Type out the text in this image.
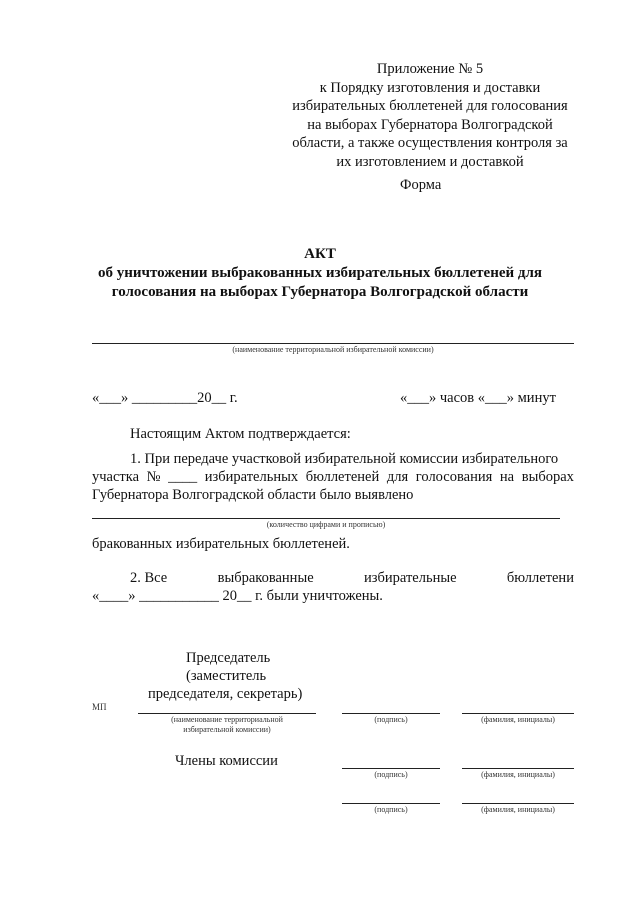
Приложение № 5
к Порядку изготовления и доставки
избирательных бюллетеней для голосования
на выборах Губернатора Волгоградской
области, а также осуществления контроля за
их изготовлением и доставкой
Форма
АКТ
об уничтожении выбракованных избирательных бюллетеней для
голосования на выборах Губернатора Волгоградской области
(наименование территориальной избирательной комиссии)
«___» _________20__ г.	«___» часов «___» минут
Настоящим Актом подтверждается:
1. При передаче участковой избирательной комиссии избирательного
участка № ____ избирательных бюллетеней для голосования на выборах
Губернатора Волгоградской области было выявлено
(количество цифрами и прописью)
бракованных избирательных бюллетеней.
2. Все	выбракованные	избирательные	бюллетени
«____» ___________ 20__ г. были уничтожены.
Председатель
(заместитель
председателя, секретарь)
МП
(наименование территориальной
избирательной комиссии)
(подпись)	(фамилия, инициалы)
Члены комиссии
(подпись)	(фамилия, инициалы)
(подпись)	(фамилия, инициалы)
